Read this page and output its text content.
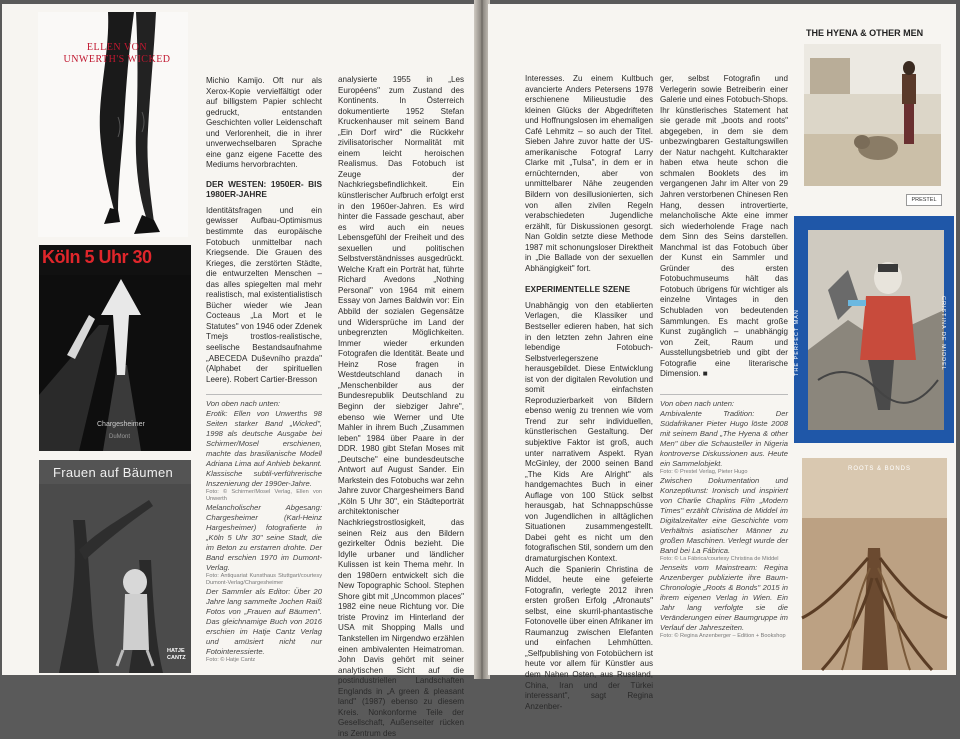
ELLEN VON UNWERTH'S WICKED
Köln 5 Uhr 30
Chargesheimer
DuMont
Frauen auf Bäumen
HATJE CANTZ

Michio Kamijo. Oft nur als Xerox-Kopie vervielfältigt oder auf billigstem Papier schlecht gedruckt, entstanden Geschichten voller Leidenschaft und Verlorenheit, die in ihrer unverwechselbaren Sprache eine ganz eigene Facette des Mediums hervorbrachten.

DER WESTEN: 1950ER- BIS 1980ER-JAHRE

Identitätsfragen und ein gewisser Aufbau-Optimismus bestimmte das europäische Fotobuch unmittelbar nach Kriegsende. Die Grauen des Krieges, die zerstörten Städte, die entwurzelten Menschen – das alles spiegelten mal mehr realistisch, mal existentialistisch Bücher wieder wie Jean Cocteaus „La Mort et le Statutes" von 1946 oder Zdenek Tmejs trostlos-realistische, seelische Bestandsaufnahme „ABECEDA Duševního prazda" (Alphabet der spirituellen Leere). Robert Cartier-Bresson

Von oben nach unten:

Erotik: Ellen von Unwerths 98 Seiten starker Band „Wicked", 1998 als deutsche Ausgabe bei Schirmer/Mosel erschienen, machte das brasilianische Modell Adriana Lima auf Anhieb bekannt. Klassische subtil-verführerische Inszenierung der 1990er-Jahre.

Foto: © Schirmer/Mosel Verlag, Ellen von Unwerth

Melancholischer Abgesang: Chargesheimer (Karl-Heinz Hargesheimer) fotografierte in „Köln 5 Uhr 30" seine Stadt, die im Beton zu erstarren drohte. Der Band erschien 1970 im Dumont-Verlag.

Foto: Antiquariat Kunsthaus Stuttgart/courtesy Dumont-Verlag/Chargesheimer

Der Sammler als Editor: Über 20 Jahre lang sammelte Jochen Raiß Fotos von „Frauen auf Bäumen". Das gleichnamige Buch von 2016 erschien im Hatje Cantz Verlag und amüsiert nicht nur Fotointeressierte.

Foto: © Hatje Cantz

analysierte 1955 in „Les Européens" zum Zustand des Kontinents. In Österreich dokumentierte 1952 Stefan Kruckenhauser mit seinem Band „Ein Dorf wird" die Rückkehr zivilisatorischer Normalität mit einem leicht heroischen Realismus. Das Fotobuch ist Zeuge der Nachkriegsbefindlichkeit. Ein künstlerischer Aufbruch erfolgt erst in den 1960er-Jahren. Es wird hinter die Fassade geschaut, aber es wird auch ein neues Lebensgefühl der Freiheit und des sexuellen und politischen Selbstverständnisses ausgedrückt. Welche Kraft ein Porträt hat, führte Richard Avedons „Nothing Personal" von 1964 mit einem Essay von James Baldwin vor: Ein Abbild der sozialen Gegensätze und Widersprüche im Land der unbegrenzten Möglichkeiten. Immer wieder erkunden Fotografen die Identität. Beate und Heinz Rose fragen in Westdeutschland danach in „Menschenbilder aus der Bundesrepublik Deutschland zu Beginn der siebziger Jahre", ebenso wie Werner und Ute Mahler in ihrem Buch „Zusammen leben" 1984 über Paare in der DDR. 1980 gibt Stefan Moses mit „Deutsche" eine bundesdeutsche Antwort auf August Sander. Ein Markstein des Fotobuchs war zehn Jahre zuvor Chargesheimers Band „Köln 5 Uhr 30", ein Städteporträt architektonischer Nachkriegstrostlosigkeit, das seinen Reiz aus den Bildern gezirkelter Ödnis bezieht. Die Idylle urbaner und ländlicher Kulissen ist kein Thema mehr. In den 1980ern entwickelt sich die New Topographic School. Stephen Shore gibt mit „Uncommon places" 1982 eine neue Richtung vor. Die triste Provinz im Hinterland der USA mit Shopping Malls und Tankstellen im Nirgendwo erzählen einen ambivalenten Heimatroman. John Davis gehört mit seiner analytischen Sicht auf die postindustriellen Landschaften Englands in „A green & pleasant land" (1987) ebenso zu diesem Kreis. Nonkonforme Teile der Gesellschaft, Außenseiter rücken ins Zentrum des

Interesses. Zu einem Kultbuch avancierte Anders Petersens 1978 erschienene Milieustudie des kleinen Glücks der Abgedrifteten und Hoffnungslosen im ehemaligen Café Lehmitz – so auch der Titel. Sieben Jahre zuvor hatte der US-amerikanische Fotograf Larry Clarke mit „Tulsa", in dem er in ernüchternden, aber von unmittelbarer Nähe zeugenden Bildern von desillusionierten, sich von allen zivilen Regeln verabschiedeten Jugendliche erzählt, für Diskussionen gesorgt. Nan Goldin setzte diese Methode 1987 mit schonungsloser Direktheit in „Die Ballade von der sexuellen Abhängigkeit" fort.

EXPERIMENTELLE SZENE

Unabhängig von den etablierten Verlagen, die Klassiker und Bestseller edieren haben, hat sich in den letzten zehn Jahren eine lebendige Fotobuch-Selbstverlegerszene herausgebildet. Diese Entwicklung ist von der digitalen Revolution und somit einfachsten Reproduzierbarkeit von Bildern ebenso wenig zu trennen wie vom Trend zur sehr individuellen, künstlerischen Gestaltung. Der subjektive Faktor ist groß, auch unter narrativem Aspekt. Ryan McGinley, der 2000 seinen Band „The Kids Are Alright" als handgemachtes Buch in einer Auflage von 100 Stück selbst herausgab, hat Schnappschüsse von Jugendlichen in alltäglichen Situationen zusammengestellt. Dabei geht es nicht um den fotografischen Stil, sondern um den dramaturgischen Kontext.

Auch die Spanierin Christina de Middel, heute eine gefeierte Fotografin, verlegte 2012 ihren ersten großen Erfolg „Afronauts" selbst, eine skurril-phantastische Fotonovelle über einen Afrikaner im Raumanzug zwischen Elefanten und einfachen Lehmhütten. „Selfpublishing von Fotobüchern ist heute vor allem für Künstler aus dem Nahen Osten, aus Russland, China, Iran und der Türkei interessant", sagt Regina Anzenber-

ger, selbst Fotografin und Verlegerin sowie Betreiberin einer Galerie und eines Fotobuch-Shops. Ihr künstlerisches Statement hat sie gerade mit „boots and roots" abgegeben, in dem sie dem unbezwingbaren Gestaltungswillen der Natur nachgeht. Kultcharakter haben etwa heute schon die schmalen Booklets des im vergangenen Jahr im Alter von 29 Jahren verstorbenen Chinesen Ren Hang, dessen introvertierte, melancholische Akte eine immer sich wiederholende Frage nach dem Sinn des Seins darstellen. Manchmal ist das Fotobuch über der Kunst ein Sammler und Gründer des ersten Fotobuchmuseums hält das Fotobuch übrigens für wichtiger als einzelne Vintages in den Schubladen von bedeutenden Sammlungen. Es macht große Kunst zugänglich – unabhängig von Zeit, Raum und Ausstellungsbetrieb und gibt der Fotografie eine literarische Dimension. ■

Von oben nach unten:

Ambivalente Tradition: Der Südafrikaner Pieter Hugo löste 2008 mit seinem Band „The Hyena & other Men" über die Schausteller in Nigeria kontroverse Diskussionen aus. Heute ein Sammelobjekt.

Foto: © Prestel Verlag, Pieter Hugo

Zwischen Dokumentation und Konzeptkunst: Ironisch und inspiriert von Charlie Chaplins Film „Modern Times" erzählt Christina de Middel im Digitalzeitalter eine Geschichte vom Verhältnis asiatischer Männer zu großen Maschinen. Verlegt wurde der Band bei La Fábrica.

Foto: © La Fábrica/courtesy Christina de Middel

Jenseits vom Mainstream: Regina Anzenberger publizierte ihre Baum-Chronologie „Roots & Bonds" 2015 in ihrem eigenen Verlag in Wien. Ein Jahr lang verfolgte sie die Veränderungen einer Baumgruppe im Verlauf der Jahreszeiten.

Foto: © Regina Anzenberger – Edition + Bookshop

THE HYENA & OTHER MEN
PRESTEL
THE PERFECT MAN	CRISTINA DE MIDDEL
ROOTS & BONDS
